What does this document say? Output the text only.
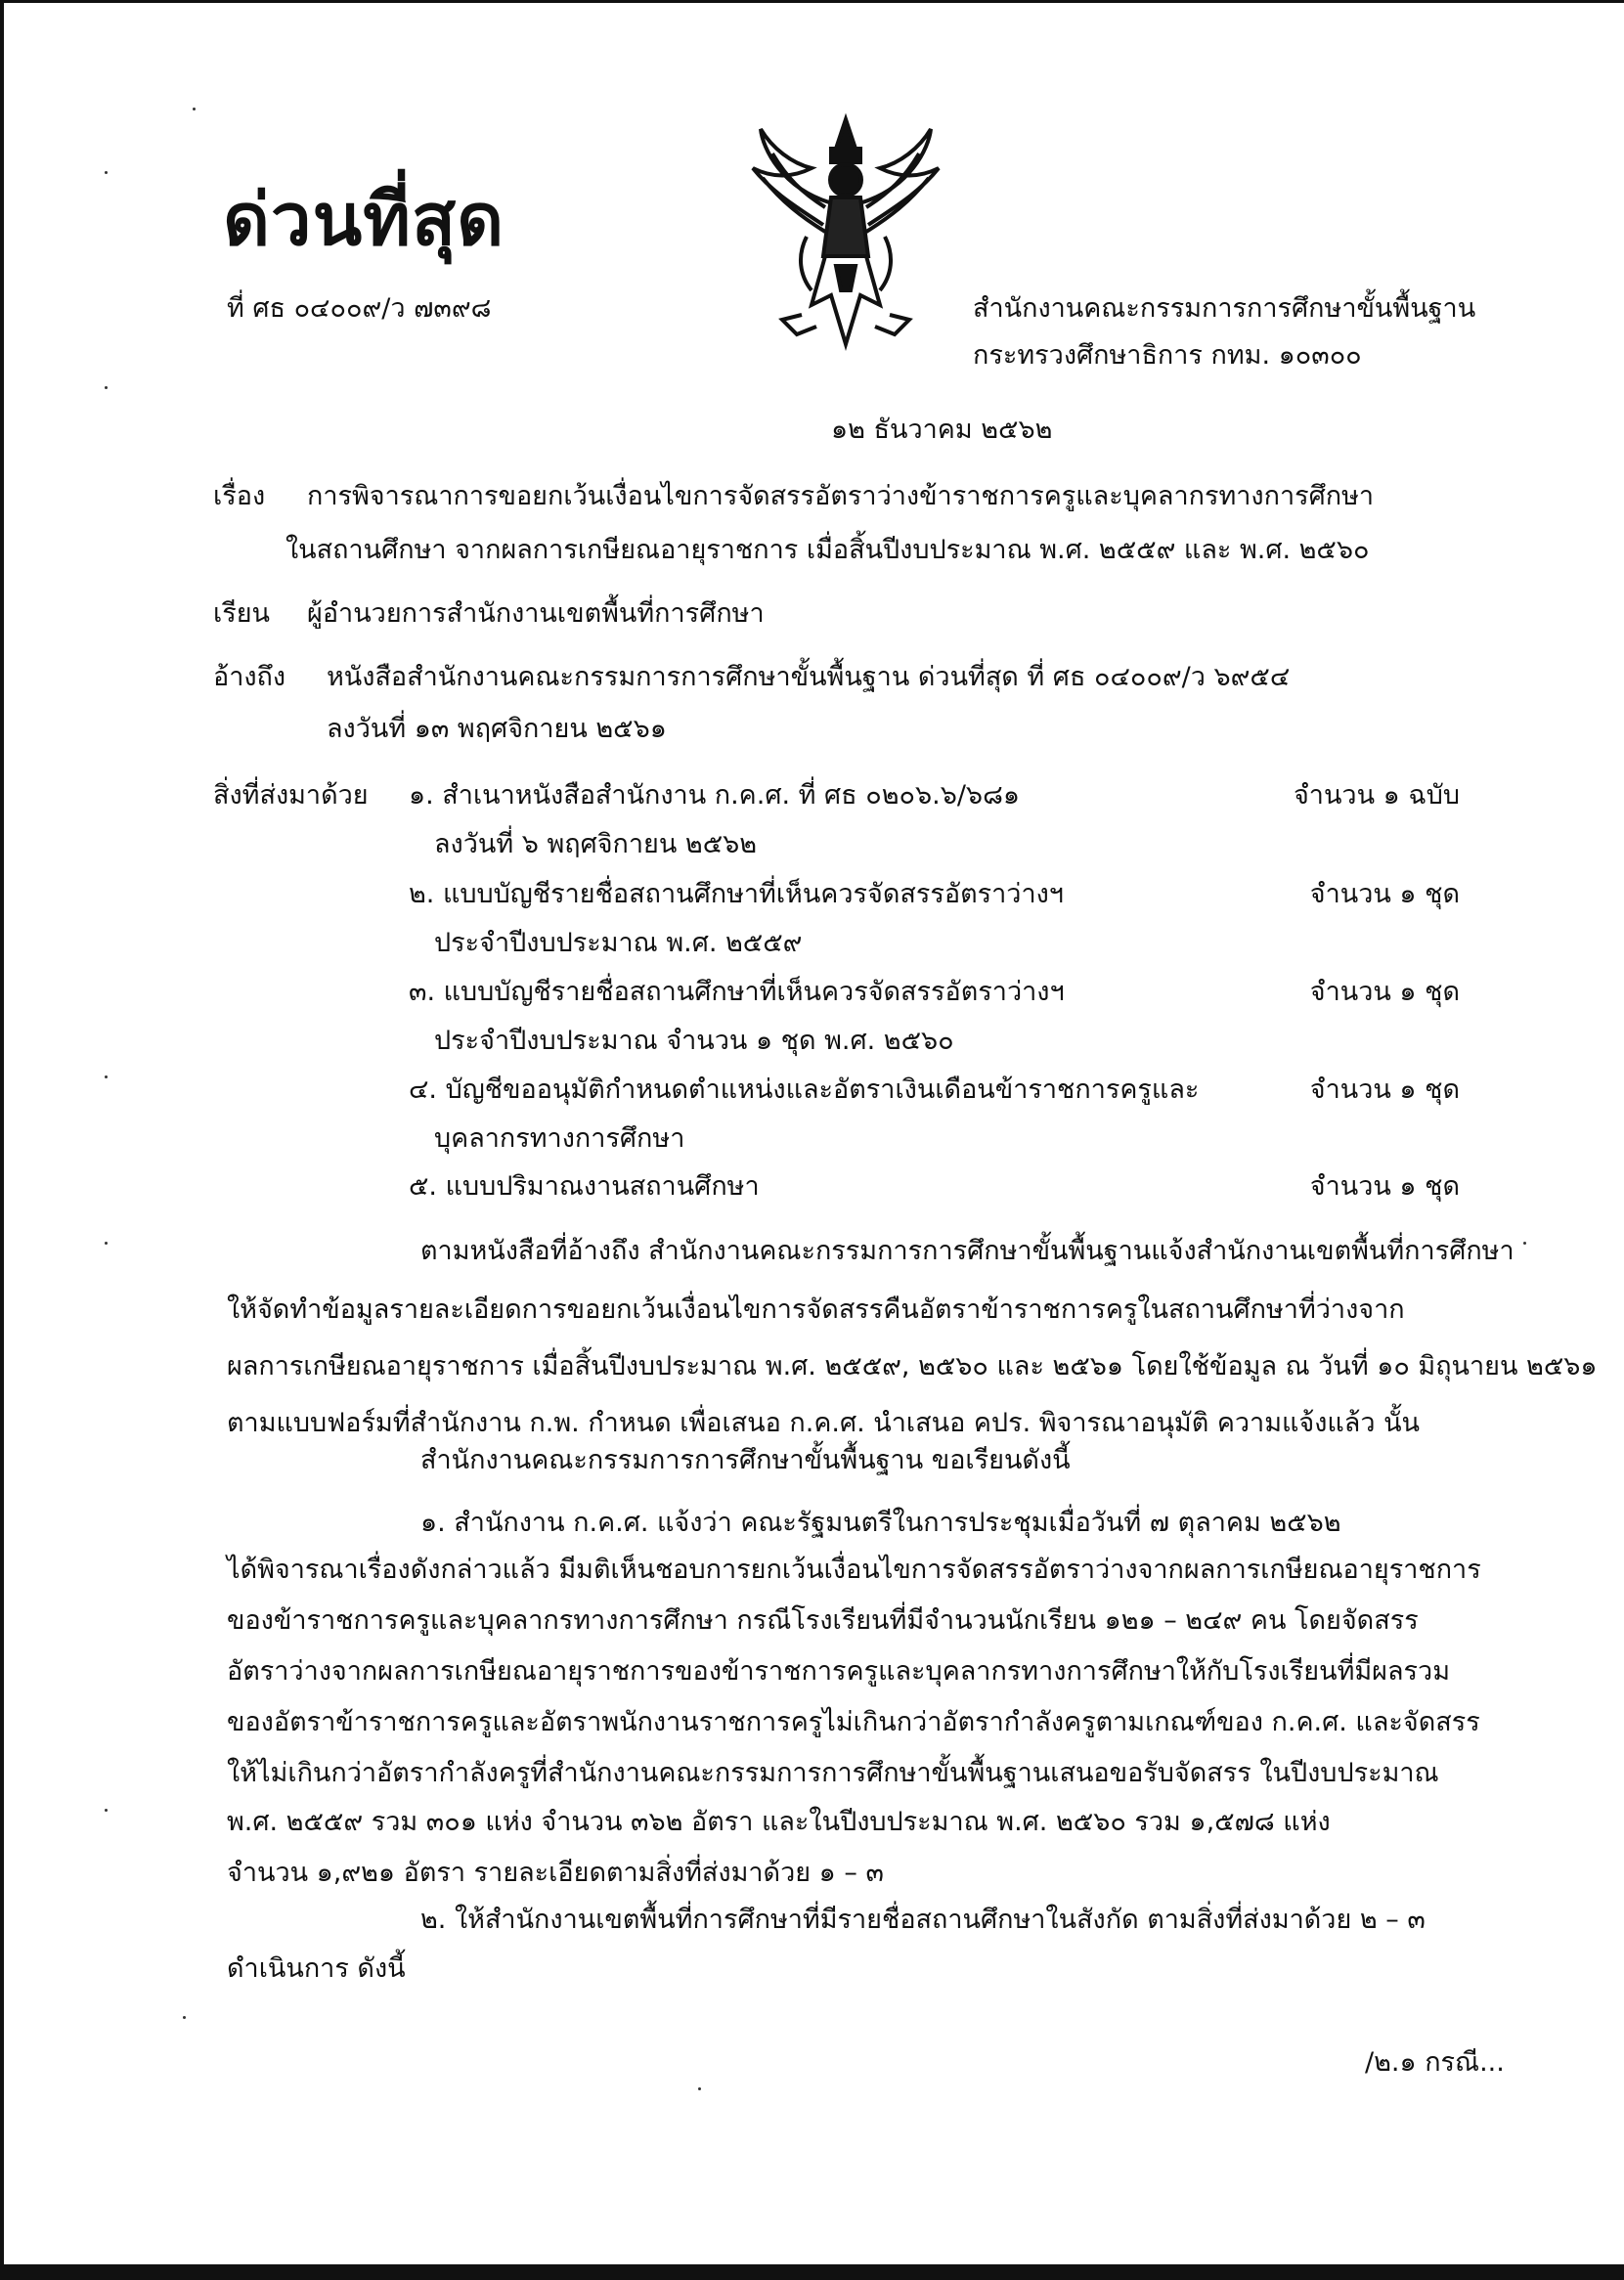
ด่วนที่สุด
ที่ ศธ ๐๔๐๐๙/ว ๗๓๙๘	สำนักงานคณะกรรมการการศึกษาขั้นพื้นฐาน
กระทรวงศึกษาธิการ กทม. ๑๐๓๐๐
๑๒ ธันวาคม ๒๕๖๒
เรื่อง การพิจารณาการขอยกเว้นเงื่อนไขการจัดสรรอัตราว่างข้าราชการครูและบุคลากรทางการศึกษา
ในสถานศึกษา จากผลการเกษียณอายุราชการ เมื่อสิ้นปีงบประมาณ พ.ศ. ๒๕๕๙ และ พ.ศ. ๒๕๖๐
เรียน ผู้อำนวยการสำนักงานเขตพื้นที่การศึกษา
อ้างถึง หนังสือสำนักงานคณะกรรมการการศึกษาขั้นพื้นฐาน ด่วนที่สุด ที่ ศธ ๐๔๐๐๙/ว ๖๙๕๔
ลงวันที่ ๑๓ พฤศจิกายน ๒๕๖๑
สิ่งที่ส่งมาด้วย ๑. สำเนาหนังสือสำนักงาน ก.ค.ศ. ที่ ศธ ๐๒๐๖.๖/๖๘๑
ลงวันที่ ๖ พฤศจิกายน ๒๕๖๒
จำนวน ๑ ฉบับ
๒. แบบบัญชีรายชื่อสถานศึกษาที่เห็นควรจัดสรรอัตราว่างฯ
ประจำปีงบประมาณ พ.ศ. ๒๕๕๙
จำนวน ๑ ชุด
๓. แบบบัญชีรายชื่อสถานศึกษาที่เห็นควรจัดสรรอัตราว่างฯ
ประจำปีงบประมาณ จำนวน ๑ ชุด พ.ศ. ๒๕๖๐
จำนวน ๑ ชุด
๔. บัญชีขออนุมัติกำหนดตำแหน่งและอัตราเงินเดือนข้าราชการครูและ
บุคลากรทางการศึกษา
จำนวน ๑ ชุด
๕. แบบปริมาณงานสถานศึกษา	จำนวน ๑ ชุด
ตามหนังสือที่อ้างถึง สำนักงานคณะกรรมการการศึกษาขั้นพื้นฐานแจ้งสำนักงานเขตพื้นที่การศึกษา
ให้จัดทำข้อมูลรายละเอียดการขอยกเว้นเงื่อนไขการจัดสรรคืนอัตราข้าราชการครูในสถานศึกษาที่ว่างจาก
ผลการเกษียณอายุราชการ เมื่อสิ้นปีงบประมาณ พ.ศ. ๒๕๕๙, ๒๕๖๐ และ ๒๕๖๑ โดยใช้ข้อมูล ณ วันที่ ๑๐ มิถุนายน ๒๕๖๑
ตามแบบฟอร์มที่สำนักงาน ก.พ. กำหนด เพื่อเสนอ ก.ค.ศ. นำเสนอ คปร. พิจารณาอนุมัติ ความแจ้งแล้ว นั้น
สำนักงานคณะกรรมการการศึกษาขั้นพื้นฐาน ขอเรียนดังนี้
๑. สำนักงาน ก.ค.ศ. แจ้งว่า คณะรัฐมนตรีในการประชุมเมื่อวันที่ ๗ ตุลาคม ๒๕๖๒
ได้พิจารณาเรื่องดังกล่าวแล้ว มีมติเห็นชอบการยกเว้นเงื่อนไขการจัดสรรอัตราว่างจากผลการเกษียณอายุราชการ
ของข้าราชการครูและบุคลากรทางการศึกษา กรณีโรงเรียนที่มีจำนวนนักเรียน ๑๒๑ – ๒๔๙ คน โดยจัดสรร
อัตราว่างจากผลการเกษียณอายุราชการของข้าราชการครูและบุคลากรทางการศึกษาให้กับโรงเรียนที่มีผลรวม
ของอัตราข้าราชการครูและอัตราพนักงานราชการครูไม่เกินกว่าอัตรากำลังครูตามเกณฑ์ของ ก.ค.ศ. และจัดสรร
ให้ไม่เกินกว่าอัตรากำลังครูที่สำนักงานคณะกรรมการการศึกษาขั้นพื้นฐานเสนอขอรับจัดสรร ในปีงบประมาณ
พ.ศ. ๒๕๕๙ รวม ๓๐๑ แห่ง จำนวน ๓๖๒ อัตรา และในปีงบประมาณ พ.ศ. ๒๕๖๐ รวม ๑,๕๗๘ แห่ง
จำนวน ๑,๙๒๑ อัตรา รายละเอียดตามสิ่งที่ส่งมาด้วย ๑ – ๓
๒. ให้สำนักงานเขตพื้นที่การศึกษาที่มีรายชื่อสถานศึกษาในสังกัด ตามสิ่งที่ส่งมาด้วย ๒ – ๓
ดำเนินการ ดังนี้
/๒.๑ กรณี...
